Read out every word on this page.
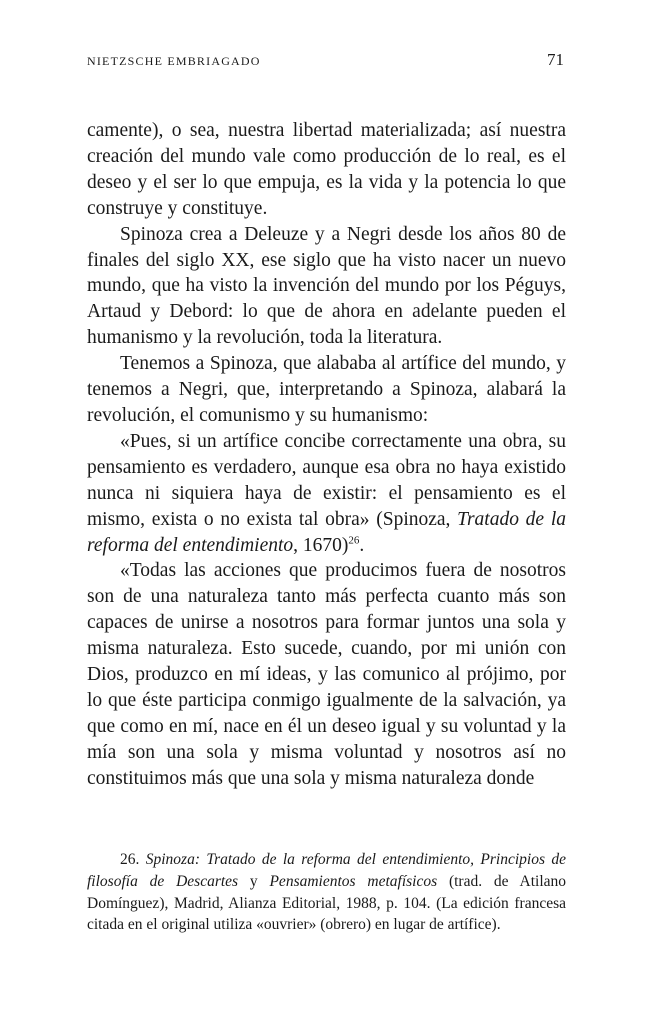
NIETZSCHE EMBRIAGADO	71

camente), o sea, nuestra libertad materializada; así nuestra creación del mundo vale como producción de lo real, es el deseo y el ser lo que empuja, es la vida y la potencia lo que construye y constituye.

Spinoza crea a Deleuze y a Negri desde los años 80 de finales del siglo XX, ese siglo que ha visto nacer un nuevo mundo, que ha visto la invención del mundo por los Péguys, Artaud y Debord: lo que de ahora en adelante pueden el humanismo y la revolución, toda la literatura.

Tenemos a Spinoza, que alababa al artífice del mundo, y tenemos a Negri, que, interpretando a Spinoza, alabará la revolución, el comunismo y su humanismo:

«Pues, si un artífice concibe correctamente una obra, su pensamiento es verdadero, aunque esa obra no haya existido nunca ni siquiera haya de existir: el pensamiento es el mismo, exista o no exista tal obra» (Spinoza, Tratado de la reforma del entendimiento, 1670)$^{26}$.

«Todas las acciones que producimos fuera de nosotros son de una naturaleza tanto más perfecta cuanto más son capaces de unirse a nosotros para formar juntos una sola y misma naturaleza. Esto sucede, cuando, por mi unión con Dios, produzco en mí ideas, y las comunico al prójimo, por lo que éste participa conmigo igualmente de la salvación, ya que como en mí, nace en él un deseo igual y su voluntad y la mía son una sola y misma voluntad y nosotros así no constituimos más que una sola y misma naturaleza donde

26. Spinoza: Tratado de la reforma del entendimiento, Principios de filosofía de Descartes y Pensamientos metafísicos (trad. de Atilano Domínguez), Madrid, Alianza Editorial, 1988, p. 104. (La edición francesa citada en el original utiliza «ouvrier» (obrero) en lugar de artífice).
